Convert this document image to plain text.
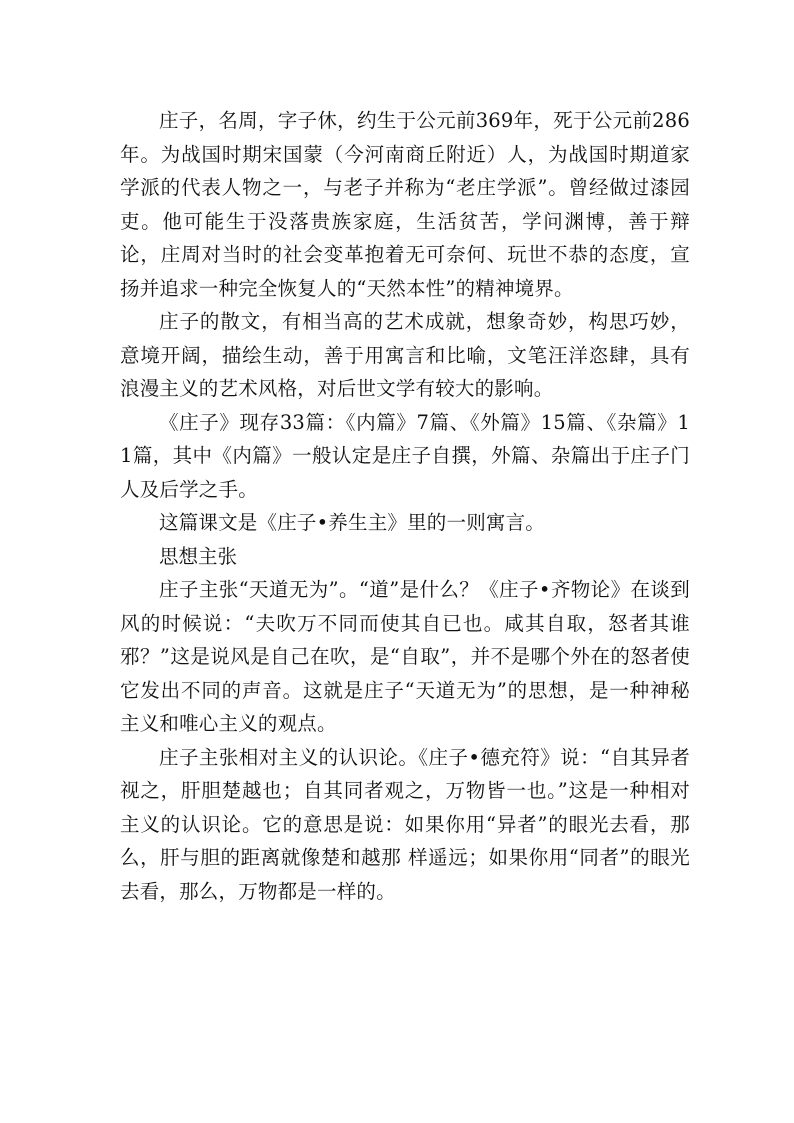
庄子，名周，字子休，约生于公元前369年，死于公元前286年。为战国时期宋国蒙（今河南商丘附近）人，为战国时期道家学派的代表人物之一，与老子并称为“老庄学派”。曾经做过漆园吏。他可能生于没落贵族家庭，生活贫苦，学问渊博，善于辩论，庄周对当时的社会变革抱着无可奈何、玩世不恭的态度，宣扬并追求一种完全恢复人的“天然本性”的精神境界。

庄子的散文，有相当高的艺术成就，想象奇妙，构思巧妙，意境开阔，描绘生动，善于用寓言和比喻，文笔汪洋恣肆，具有浪漫主义的艺术风格，对后世文学有较大的影响。

《庄子》现存33篇：《内篇》7篇、《外篇》15篇、《杂篇》11篇，其中《内篇》一般认定是庄子自撰，外篇、杂篇出于庄子门人及后学之手。

这篇课文是《庄子•养生主》里的一则寓言。

思想主张

庄子主张“天道无为”。“道”是什么？《庄子•齐物论》在谈到风的时候说：“夫吹万不同而使其自已也。咸其自取，怒者其谁邪？”这是说风是自己在吹，是“自取”，并不是哪个外在的怒者使它发出不同的声音。这就是庄子“天道无为”的思想，是一种神秘主义和唯心主义的观点。

庄子主张相对主义的认识论。《庄子•德充符》说：“自其异者视之，肝胆楚越也；自其同者观之，万物皆一也。”这是一种相对主义的认识论。它的意思是说：如果你用“异者”的眼光去看，那么，肝与胆的距离就像楚和越那 样遥远；如果你用“同者”的眼光去看，那么，万物都是一样的。
